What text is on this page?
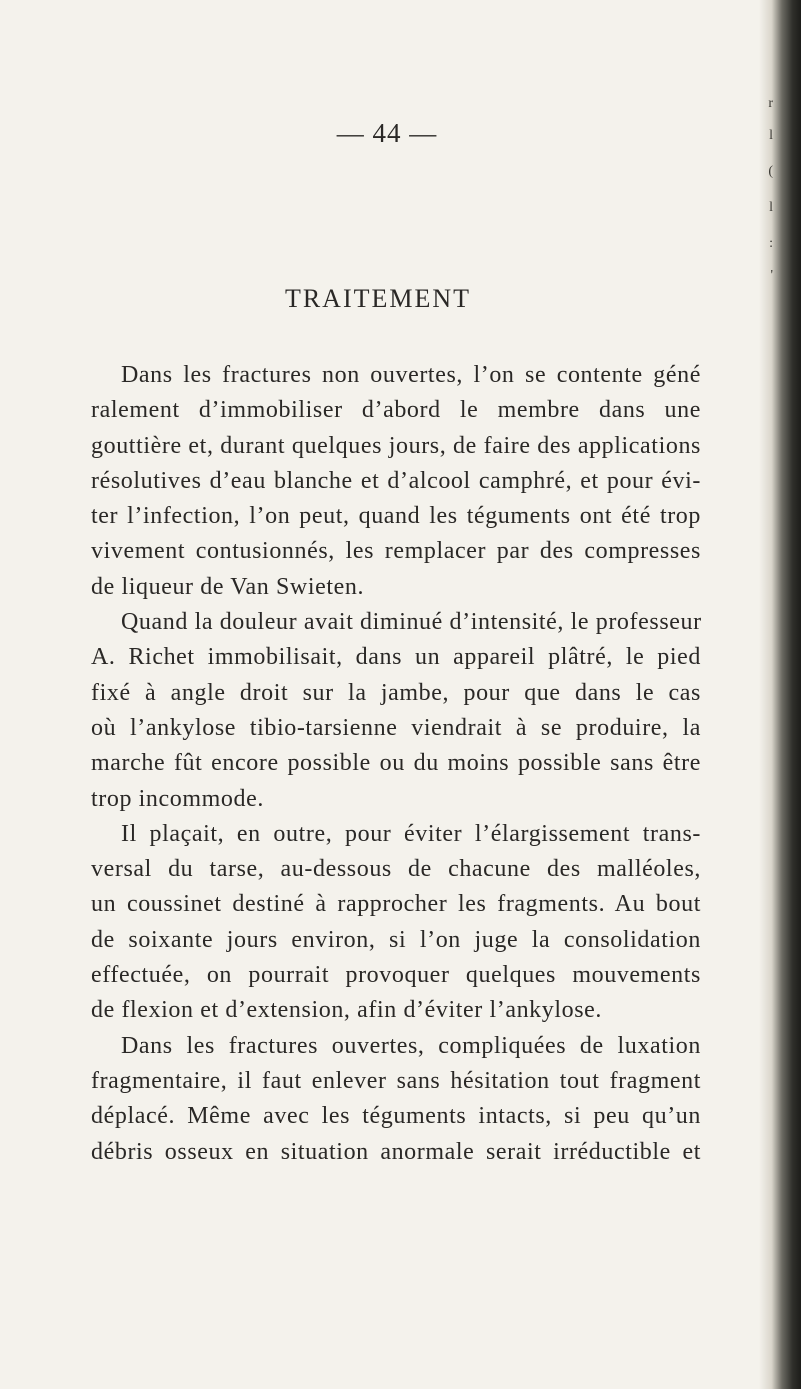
— 44 —
TRAITEMENT
Dans les fractures non ouvertes, l’on se contente géné
ralement d’immobiliser d’abord le membre dans une
gouttière et, durant quelques jours, de faire des applications
résolutives d’eau blanche et d’alcool camphré, et pour évi-
ter l’infection, l’on peut, quand les téguments ont été trop
vivement contusionnés, les remplacer par des compresses
de liqueur de Van Swieten.
Quand la douleur avait diminué d’intensité, le professeur
A. Richet immobilisait, dans un appareil plâtré, le pied
fixé à angle droit sur la jambe, pour que dans le cas
où l’ankylose tibio-tarsienne viendrait à se produire, la
marche fût encore possible ou du moins possible sans être
trop incommode.
Il plaçait, en outre, pour éviter l’élargissement trans-
versal du tarse, au-dessous de chacune des malléoles,
un coussinet destiné à rapprocher les fragments. Au bout
de soixante jours environ, si l’on juge la consolidation
effectuée, on pourrait provoquer quelques mouvements
de flexion et d’extension, afin d’éviter l’ankylose.
Dans les fractures ouvertes, compliquées de luxation
fragmentaire, il faut enlever sans hésitation tout fragment
déplacé. Même avec les téguments intacts, si peu qu’un
débris osseux en situation anormale serait irréductible et
r
l
(
l
:
'
